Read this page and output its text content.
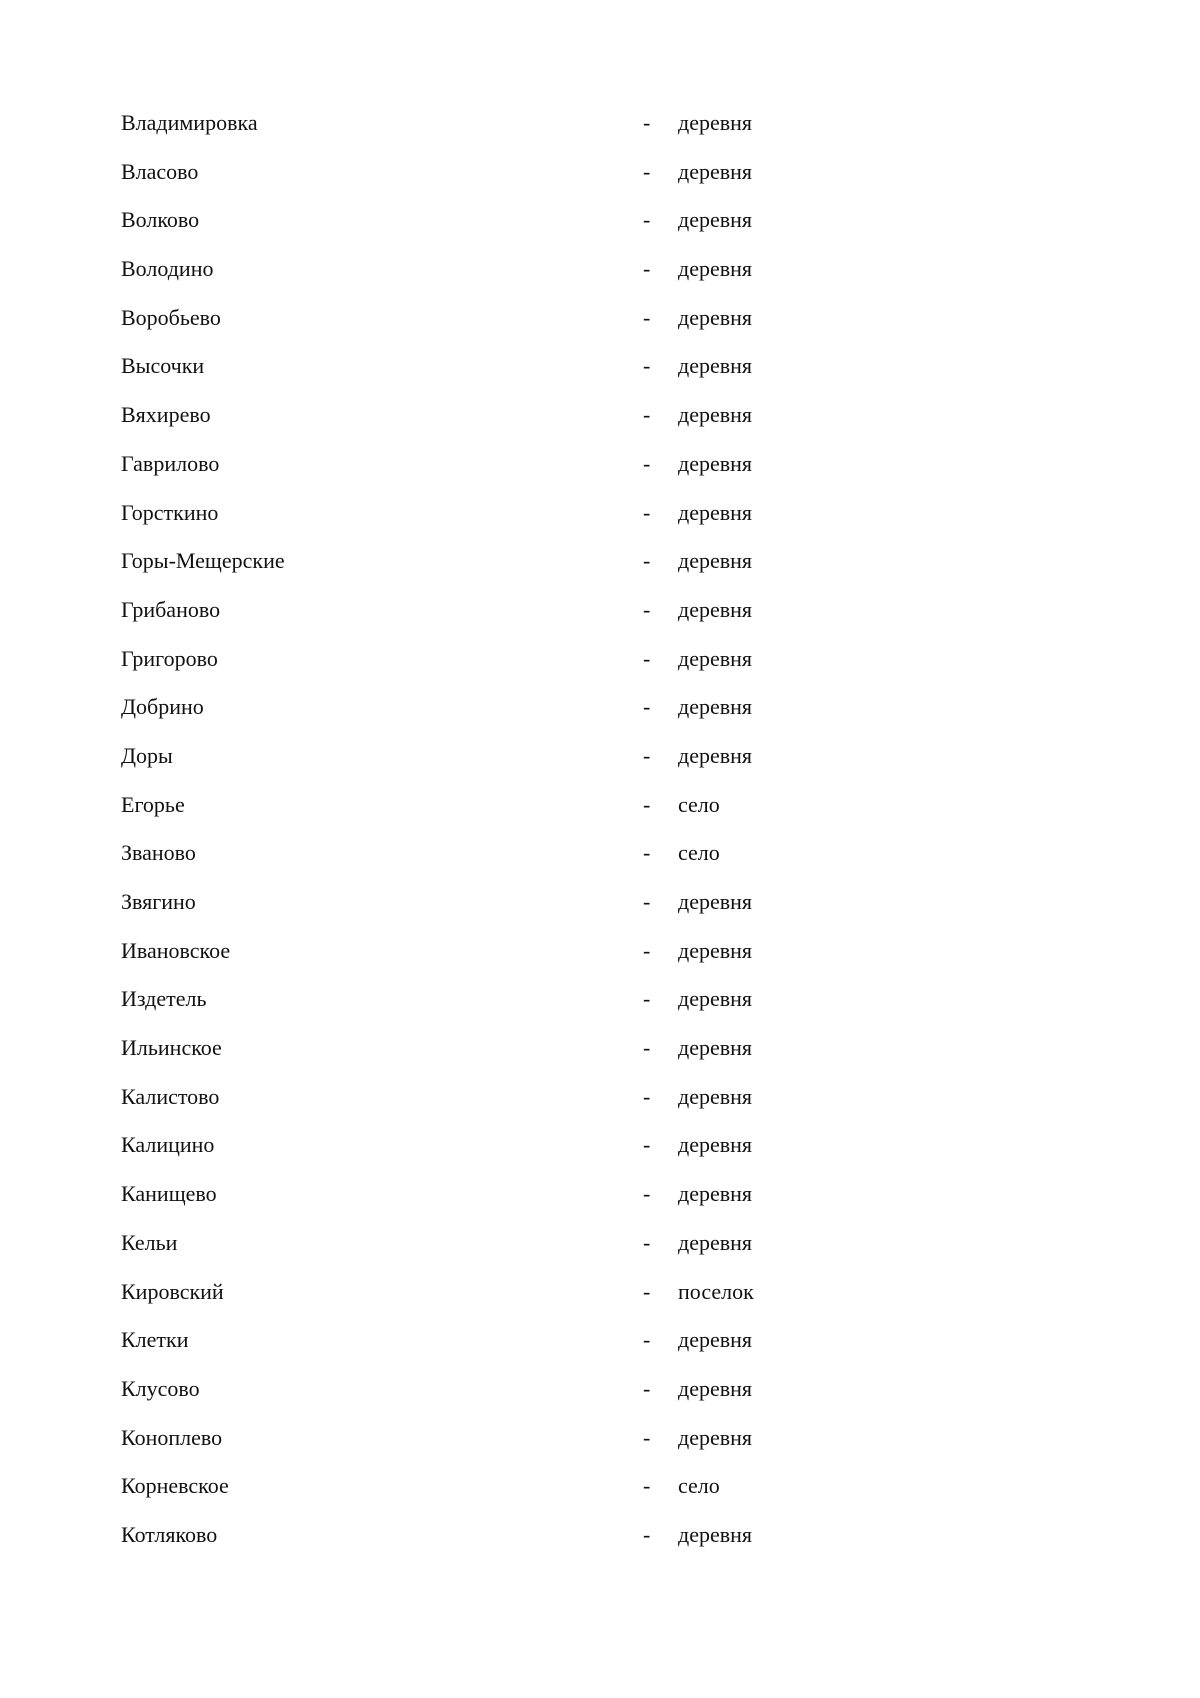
Владимировка	- деревня
Власово	- деревня
Волково	- деревня
Володино	- деревня
Воробьево	- деревня
Высочки	- деревня
Вяхирево	- деревня
Гаврилово	- деревня
Горсткино	- деревня
Горы-Мещерские	- деревня
Грибаново	- деревня
Григорово	- деревня
Добрино	- деревня
Доры	- деревня
Егорье	- село
Званово	- село
Звягино	- деревня
Ивановское	- деревня
Издетель	- деревня
Ильинское	- деревня
Калистово	- деревня
Калицино	- деревня
Канищево	- деревня
Кельи	- деревня
Кировский	- поселок
Клетки	- деревня
Клусово	- деревня
Коноплево	- деревня
Корневское	- село
Котляково	- деревня
